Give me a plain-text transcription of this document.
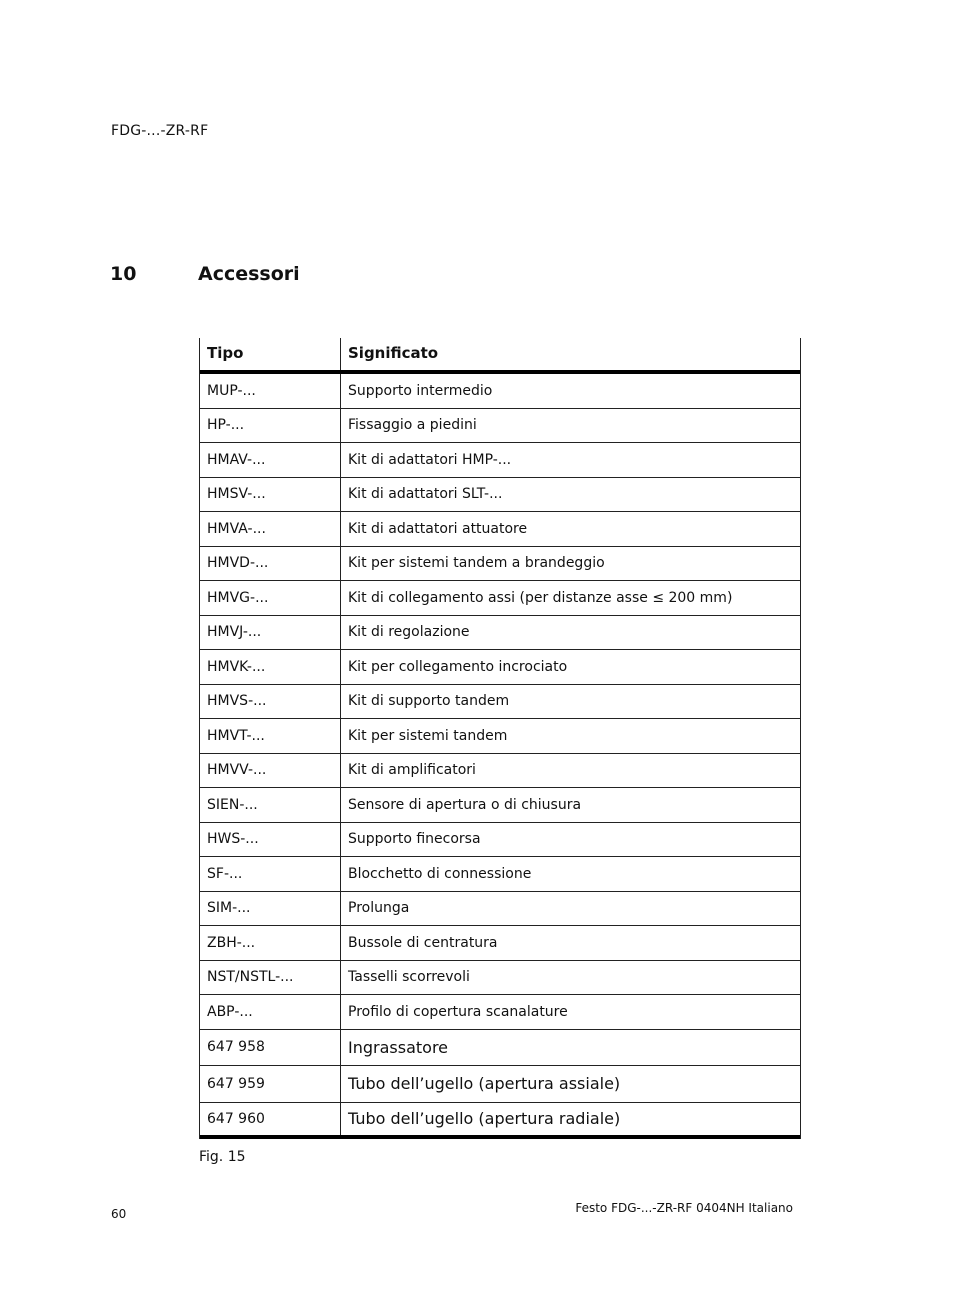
FDG-...-ZR-RF
10	Accessori
Tipo	Significato
MUP-...	Supporto intermedio
HP-...	Fissaggio a piedini
HMAV-...	Kit di adattatori HMP-...
HMSV-...	Kit di adattatori SLT-...
HMVA-...	Kit di adattatori attuatore
HMVD-...	Kit per sistemi tandem a brandeggio
HMVG-...	Kit di collegamento assi (per distanze asse ≤ 200 mm)
HMVJ-...	Kit di regolazione
HMVK-...	Kit per collegamento incrociato
HMVS-...	Kit di supporto tandem
HMVT-...	Kit per sistemi tandem
HMVV-...	Kit di amplificatori
SIEN-...	Sensore di apertura o di chiusura
HWS-...	Supporto finecorsa
SF-...	Blocchetto di connessione
SIM-...	Prolunga
ZBH-...	Bussole di centratura
NST/NSTL-...	Tasselli scorrevoli
ABP-...	Profilo di copertura scanalature
647 958	Ingrassatore
647 959	Tubo dell’ugello (apertura assiale)
647 960	Tubo dell’ugello (apertura radiale)
Fig. 15
60	Festo FDG-...-ZR-RF 0404NH Italiano
